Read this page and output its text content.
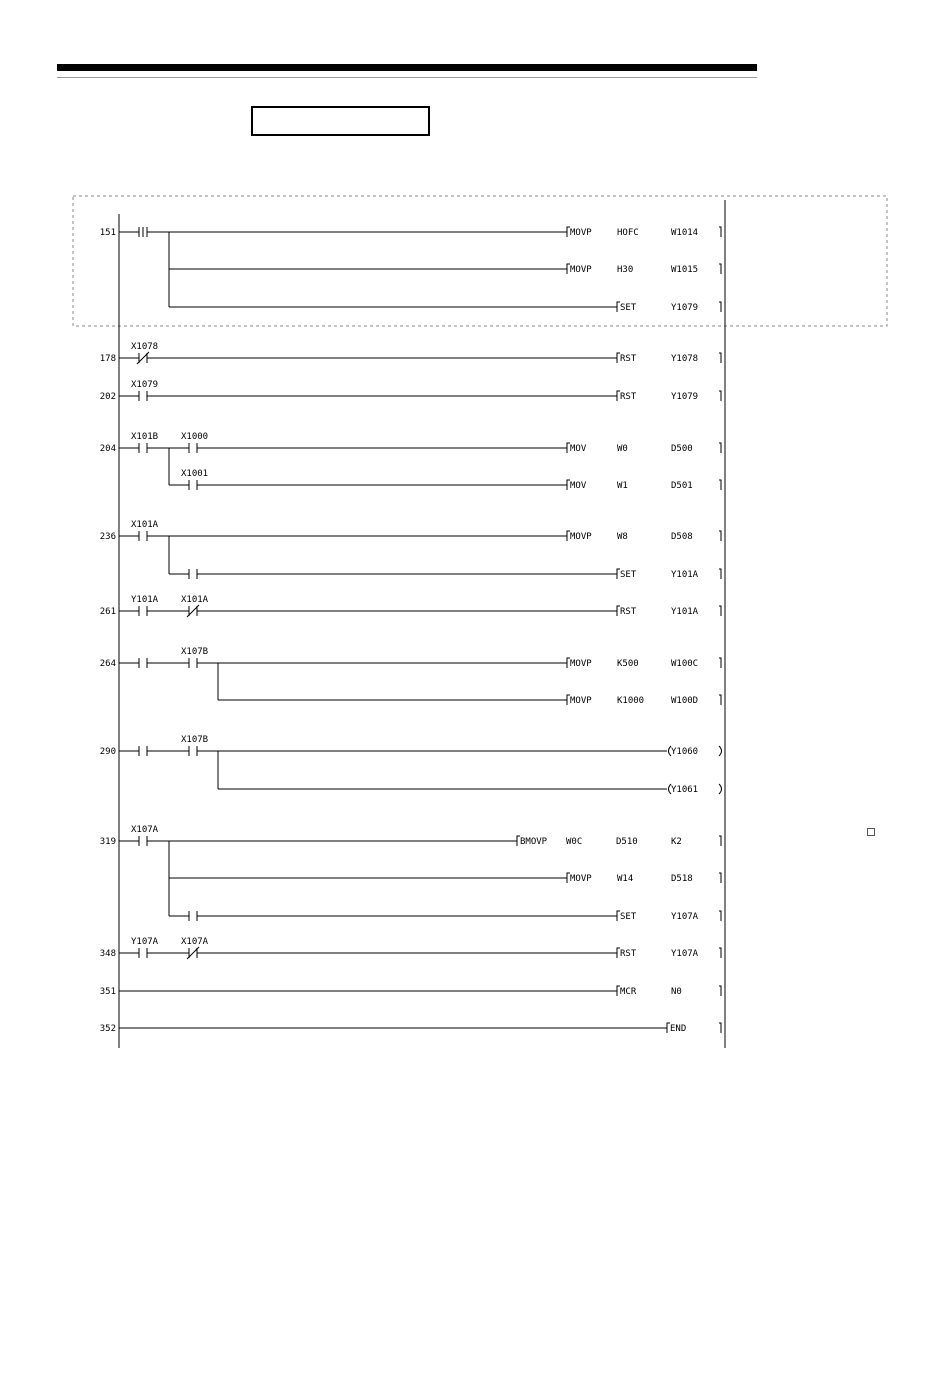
151	MOVP	HOFC	W1014
MOVP	H30	W1015
SET	Y1079
178
X1078
RST	Y1078
202
X1079
RST	Y1079
204
X101B	X1000
MOV	W0	D500
X1001
MOV	W1	D501
236
X101A
MOVP	W8	D508
SET	Y101A
261
Y101A	X101A
RST	Y101A
264
X107B
MOVP	K500	W100C
MOVP	K1000	W100D
290
X107B
Y1060
Y1061
319
X107A
BMOVP W0C	D510	K2
MOVP	W14	D518
SET	Y107A
348
Y107A	X107A
RST	Y107A
351	MCR	N0
352	END
